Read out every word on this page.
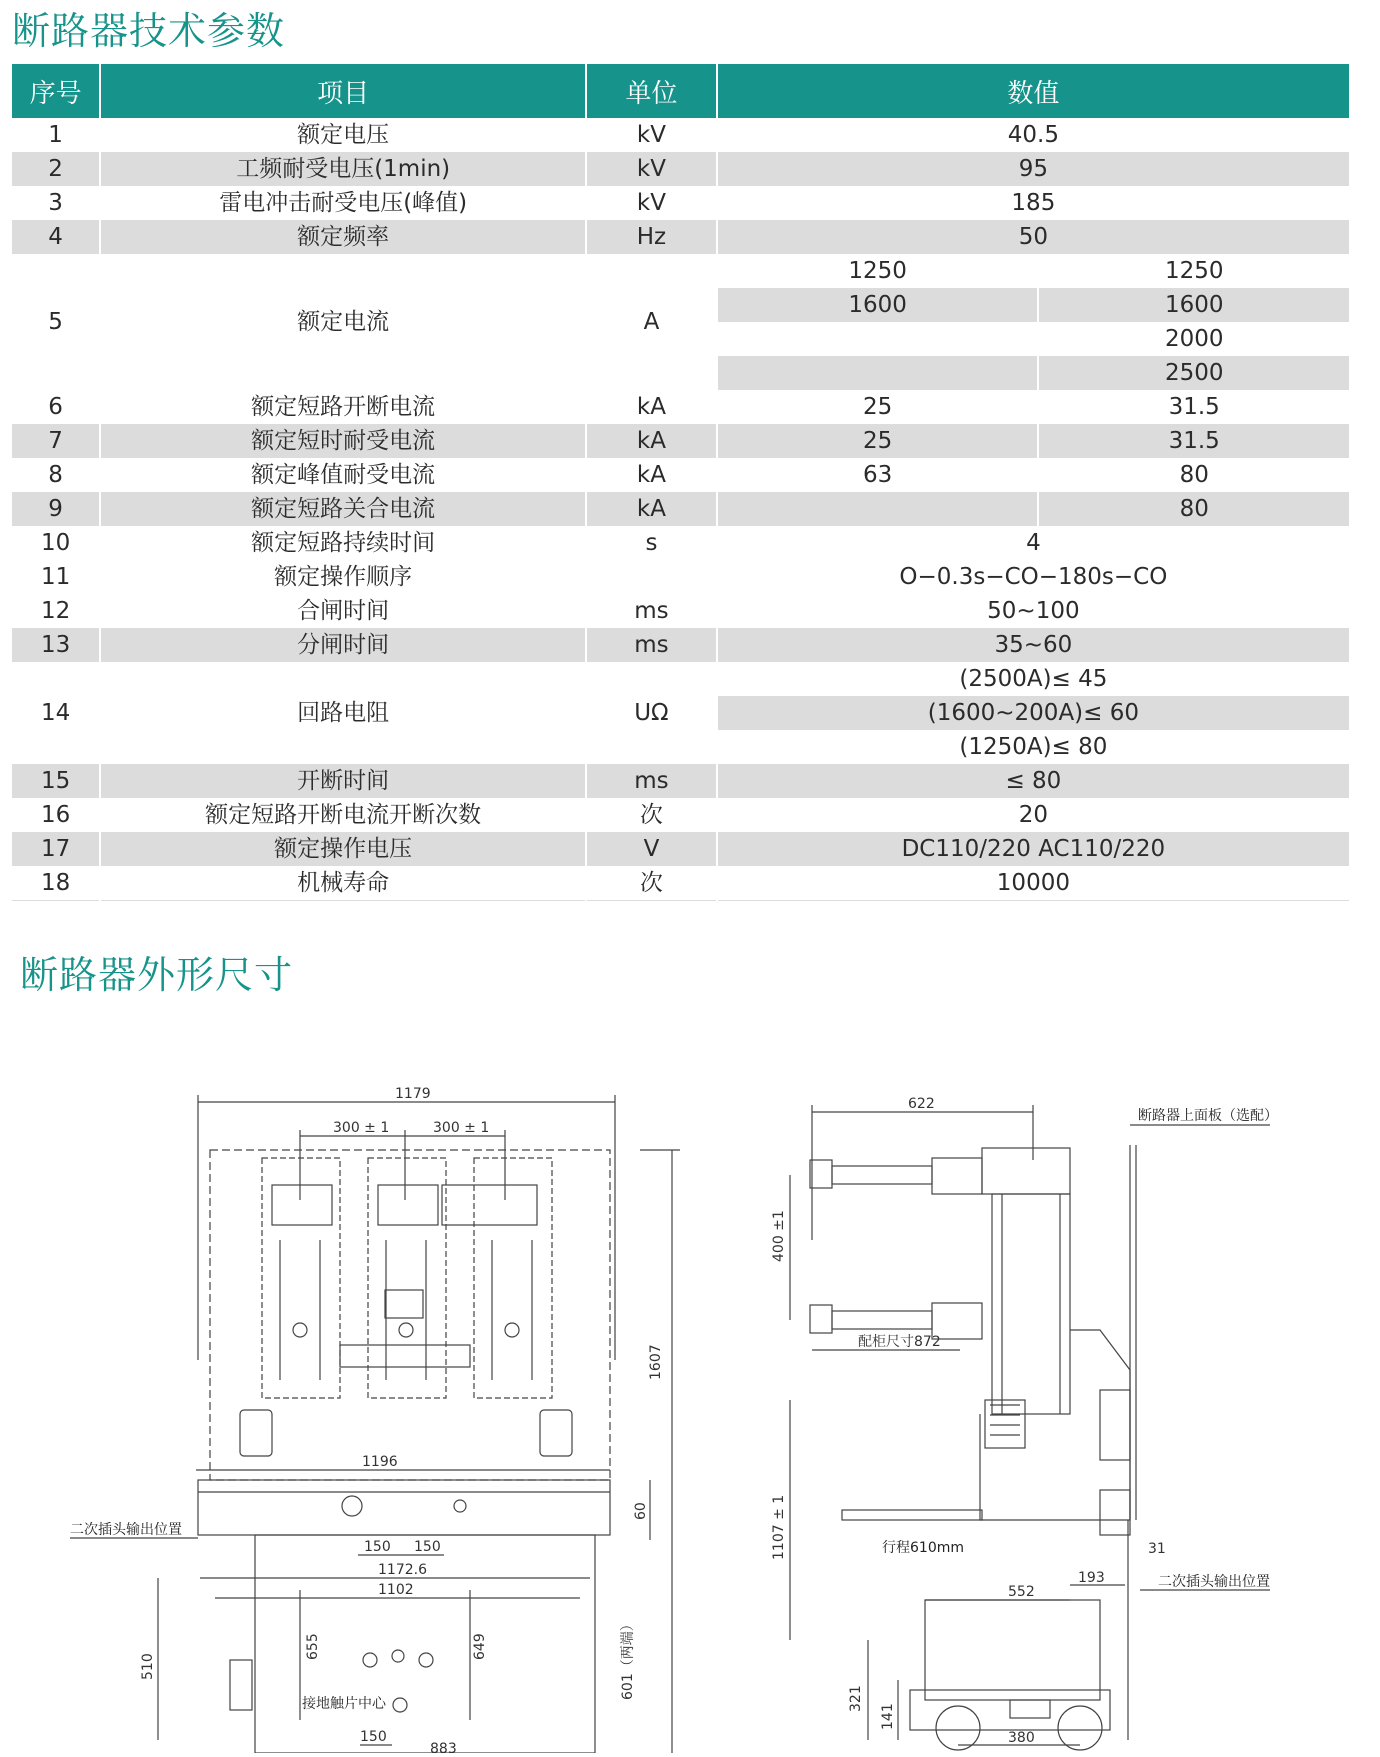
断路器技术参数
序号	项目	单位	数值	
1	额定电压	kV	40.5	
2	工频耐受电压(1min)	kV	95	
3	雷电冲击耐受电压(峰值)	kV	185	
4	额定频率	Hz	50	
5	额定电流	A	1250	1250
			1600	1600
				2000
				2500
6	额定短路开断电流	kA	25	31.5
7	额定短时耐受电流	kA	25	31.5
8	额定峰值耐受电流	kA	63	80
9	额定短路关合电流	kA		80
10	额定短路持续时间	s	4	
11	额定操作顺序		O−0.3s−CO−180s−CO	
12	合闸时间	ms	50~100	
13	分闸时间	ms	35~60	
14	回路电阻	UΩ	(2500A)≤ 45	
			(1600~200A)≤ 60	
			(1250A)≤ 80	
15	开断时间	ms	≤ 80	
16	额定短路开断电流开断次数	次	20	
17	额定操作电压	V	DC110/220 AC110/220	
18	机械寿命	次	10000	
断路器外形尺寸
1179
300 ± 1	300 ± 1
1196
1607
60
150 150
1172.6
1102
655	649	601（两端）
510
150
883
二次插头输出位置
接地触片中心
622
400 ±1
配柜尺寸872
断路器上面板（选配）
行程610mm
1107 ± 1
552
193
31
二次插头输出位置
321
141
380
